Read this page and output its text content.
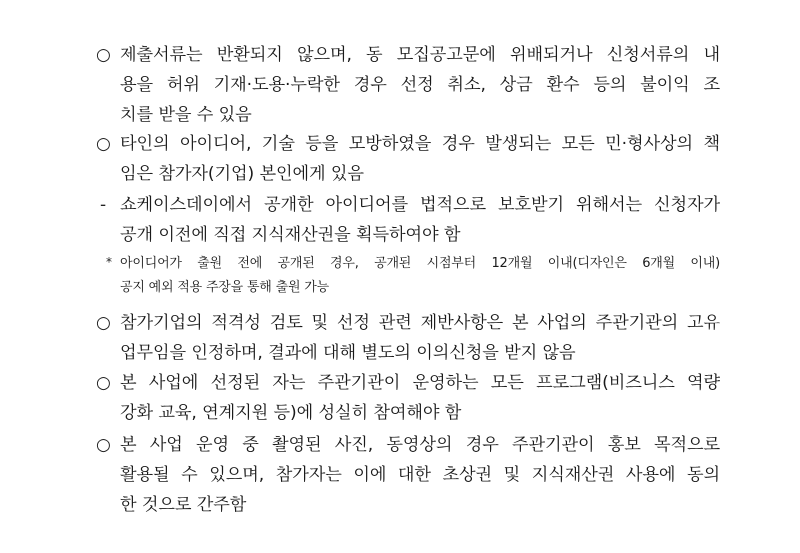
○ 제출서류는 반환되지 않으며, 동 모집공고문에 위배되거나 신청서류의 내
용을 허위 기재·도용·누락한 경우 선정 취소, 상금 환수 등의 불이익 조
치를 받을 수 있음
○ 타인의 아이디어, 기술 등을 모방하였을 경우 발생되는 모든 민·형사상의 책
임은 참가자(기업) 본인에게 있음
- 쇼케이스데이에서 공개한 아이디어를 법적으로 보호받기 위해서는 신청자가
공개 이전에 직접 지식재산권을 획득하여야 함
* 아이디어가 출원 전에 공개된 경우, 공개된 시점부터 12개월 이내(디자인은 6개월 이내)
공지 예외 적용 주장을 통해 출원 가능
○ 참가기업의 적격성 검토 및 선정 관련 제반사항은 본 사업의 주관기관의 고유
업무임을 인정하며, 결과에 대해 별도의 이의신청을 받지 않음
○ 본 사업에 선정된 자는 주관기관이 운영하는 모든 프로그램(비즈니스 역량
강화 교육, 연계지원 등)에 성실히 참여해야 함
○ 본 사업 운영 중 촬영된 사진, 동영상의 경우 주관기관이 홍보 목적으로
활용될 수 있으며, 참가자는 이에 대한 초상권 및 지식재산권 사용에 동의
한 것으로 간주함
